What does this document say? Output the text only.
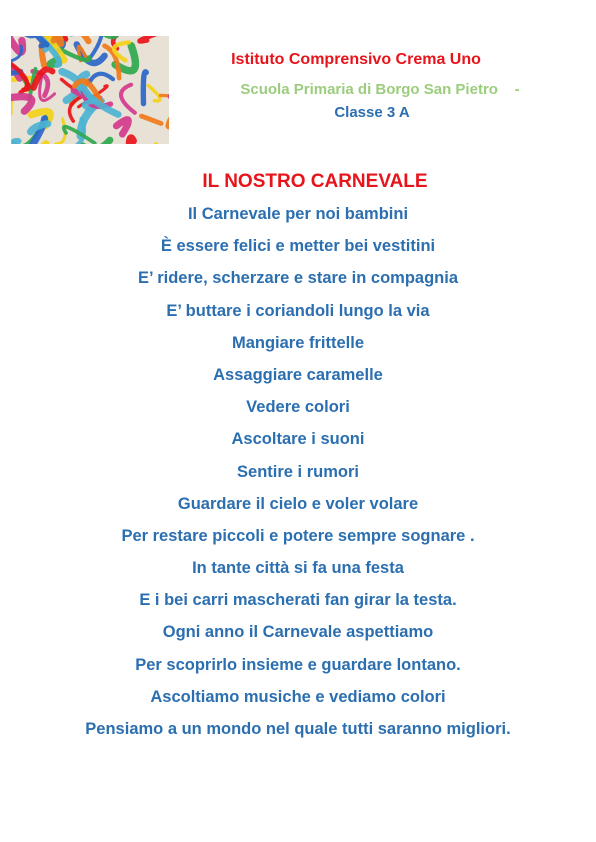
Istituto Comprensivo Crema Uno
Scuola Primaria di Borgo San Pietro    -
Classe 3 A
IL NOSTRO CARNEVALE
Il Carnevale per noi bambini
È essere felici e metter bei vestitini
E’ ridere, scherzare e stare in compagnia
E’ buttare i coriandoli lungo la via
Mangiare frittelle
Assaggiare caramelle
Vedere colori
Ascoltare i suoni
Sentire i rumori
Guardare il cielo e voler volare
Per restare piccoli e potere sempre sognare .
In tante città si fa una festa
E i bei carri mascherati fan girar la testa.
Ogni anno il Carnevale aspettiamo
Per scoprirlo insieme e guardare lontano.
Ascoltiamo musiche e vediamo colori
Pensiamo a un mondo nel quale tutti saranno migliori.
